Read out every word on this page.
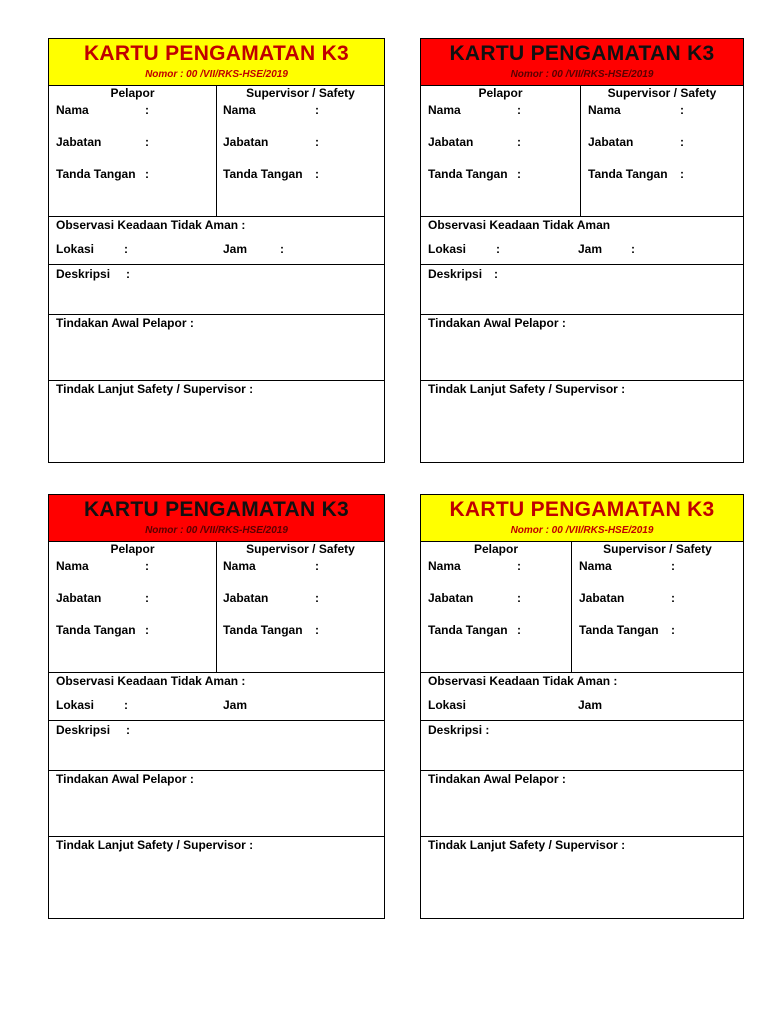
KARTU PENGAMATAN K3
Nomor : 00 /VII/RKS-HSE/2019
Pelapor	Supervisor / Safety
Nama	:	Nama	:
Jabatan	:	Jabatan	:
Tanda Tangan :	Tanda Tangan :
Observasi Keadaan Tidak Aman :
Lokasi :	Jam	:
Deskripsi :
Tindakan Awal Pelapor :
Tindak Lanjut Safety / Supervisor :
KARTU PENGAMATAN K3
Nomor : 00 /VII/RKS-HSE/2019
Pelapor	Supervisor / Safety
Nama	:	Nama	:
Jabatan	:	Jabatan	:
Tanda Tangan :	Tanda Tangan :
Observasi Keadaan Tidak Aman
Lokasi :	Jam :
Deskripsi :
Tindakan Awal Pelapor :
Tindak Lanjut Safety / Supervisor :
KARTU PENGAMATAN K3
Nomor : 00 /VII/RKS-HSE/2019
Pelapor	Supervisor / Safety
Nama	:	Nama	:
Jabatan	:	Jabatan	:
Tanda Tangan :	Tanda Tangan :
Observasi Keadaan Tidak Aman :
Lokasi :	Jam
Deskripsi :
Tindakan Awal Pelapor :
Tindak Lanjut Safety / Supervisor :
KARTU PENGAMATAN K3
Nomor : 00 /VII/RKS-HSE/2019
Pelapor	Supervisor / Safety
Nama	:	Nama	:
Jabatan	:	Jabatan	:
Tanda Tangan :	Tanda Tangan :
Observasi Keadaan Tidak Aman :
Lokasi	Jam
Deskripsi :
Tindakan Awal Pelapor :
Tindak Lanjut Safety / Supervisor :
